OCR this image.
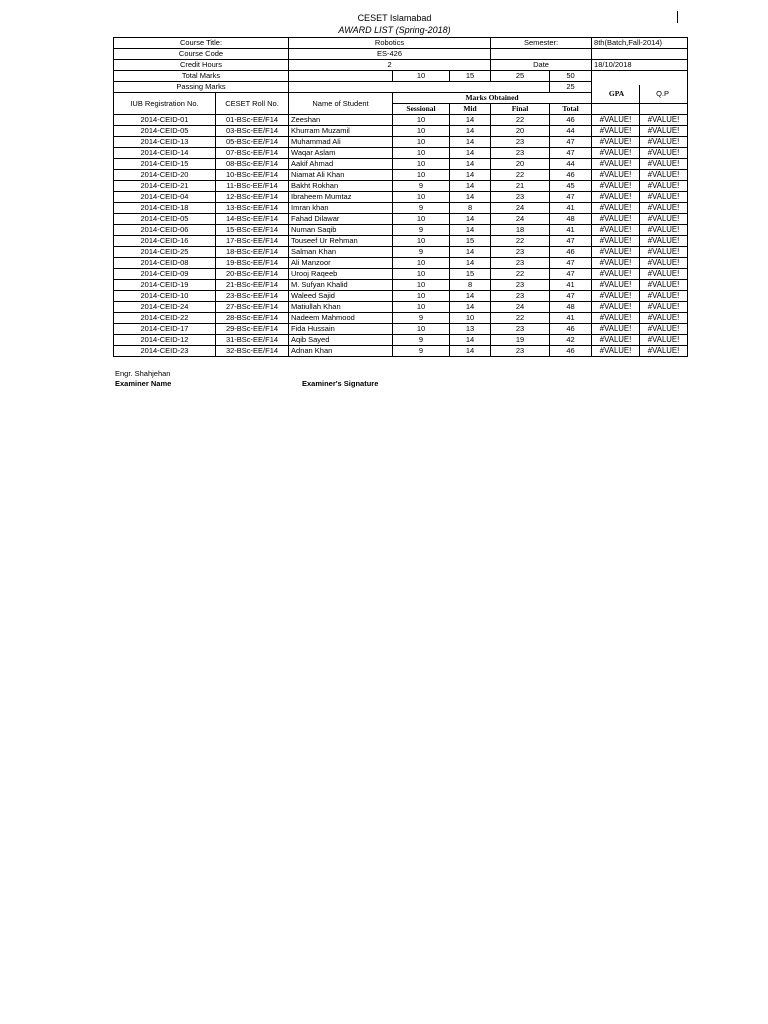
CESET Islamabad
AWARD LIST (Spring-2018)
Course Title:		Robotics			Semester:		8th(Batch,Fall-2014)	
Course Code		ES-426						
Credit Hours		2			Date		18/10/2018	
Total Marks			10	15	25	50	GPA Q.P	

Passing Marks						25		
IUB Registration No.	CESET Roll No.	Name of Student	Marks Obtained					
			Sessional	Mid	Final	Total		
2014-CEID-01	01-BSc-EE/F14	Zeeshan	10	14	22	46	#VALUE!	#VALUE!
2014-CEID-05	03-BSc-EE/F14	Khurram Muzamil	10	14	20	44	#VALUE!	#VALUE!
2014-CEID-13	05-BSc-EE/F14	Muhammad Ali	10	14	23	47	#VALUE!	#VALUE!
2014-CEID-14	07-BSc-EE/F14	Waqar Aslam	10	14	23	47	#VALUE!	#VALUE!
2014-CEID-15	08-BSc-EE/F14	Aakif Ahmad	10	14	20	44	#VALUE!	#VALUE!
2014-CEID-20	10-BSc-EE/F14	Niamat Ali Khan	10	14	22	46	#VALUE!	#VALUE!
2014-CEID-21	11-BSc-EE/F14	Bakht Rokhan	9	14	21	45	#VALUE!	#VALUE!
2014-CEID-04	12-BSc-EE/F14	Ibraheem Mumtaz	10	14	23	47	#VALUE!	#VALUE!
2014-CEID-18	13-BSc-EE/F14	Imran khan	9	8	24	41	#VALUE!	#VALUE!
2014-CEID-05	14-BSc-EE/F14	Fahad Dilawar	10	14	24	48	#VALUE!	#VALUE!
2014-CEID-06	15-BSc-EE/F14	Numan Saqib	9	14	18	41	#VALUE!	#VALUE!
2014-CEID-16	17-BSc-EE/F14	Touseef Ur Rehman	10	15	22	47	#VALUE!	#VALUE!
2014-CEID-25	18-BSc-EE/F14	Salman Khan	9	14	23	46	#VALUE!	#VALUE!
2014-CEID-08	19-BSc-EE/F14	Ali Manzoor	10	14	23	47	#VALUE!	#VALUE!
2014-CEID-09	20-BSc-EE/F14	Urooj Raqeeb	10	15	22	47	#VALUE!	#VALUE!
2014-CEID-19	21-BSc-EE/F14	M. Sufyan Khalid	10	8	23	41	#VALUE!	#VALUE!
2014-CEID-10	23-BSc-EE/F14	Waleed Sajid	10	14	23	47	#VALUE!	#VALUE!
2014-CEID-24	27-BSc-EE/F14	Matiullah Khan	10	14	24	48	#VALUE!	#VALUE!
2014-CEID-22	28-BSc-EE/F14	Nadeem Mahmood	9	10	22	41	#VALUE!	#VALUE!
2014-CEID-17	29-BSc-EE/F14	Fida Hussain	10	13	23	46	#VALUE!	#VALUE!
2014-CEID-12	31-BSc-EE/F14	Aqib Sayed	9	14	19	42	#VALUE!	#VALUE!
2014-CEID-23	32-BSc-EE/F14	Adnan Khan	9	14	23	46	#VALUE!	#VALUE!
Engr. Shahjehan
Examiner Name	Examiner's Signature
